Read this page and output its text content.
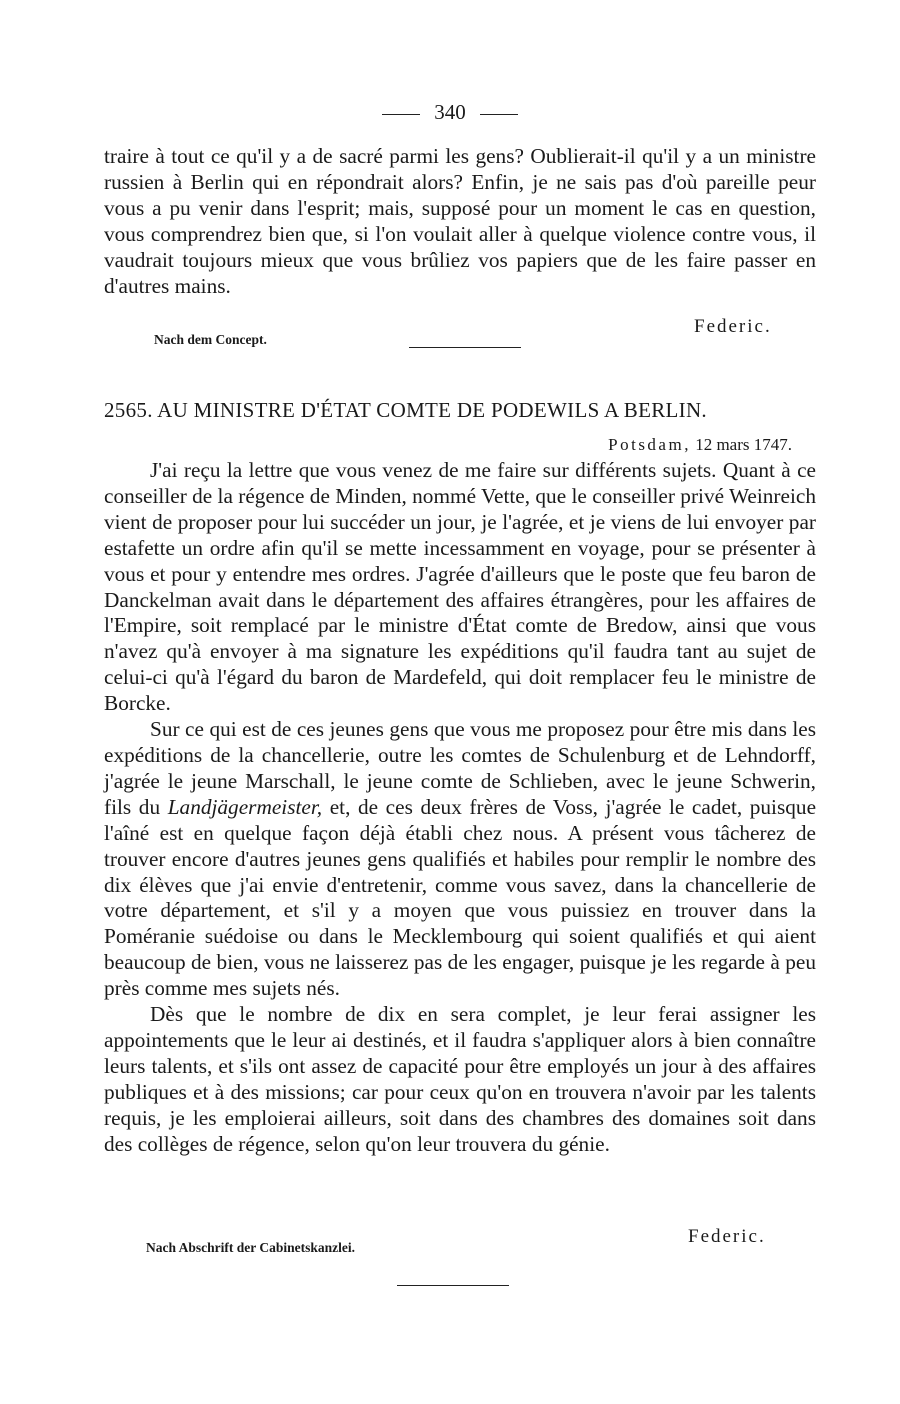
340

traire à tout ce qu'il y a de sacré parmi les gens? Oublierait-il qu'il y a un ministre russien à Berlin qui en répondrait alors? Enfin, je ne sais pas d'où pareille peur vous a pu venir dans l'esprit; mais, supposé pour un moment le cas en question, vous comprendrez bien que, si l'on voulait aller à quelque violence contre vous, il vaudrait toujours mieux que vous brûliez vos papiers que de les faire passer en d'autres mains.

Federic.
Nach dem Concept.
2565. AU MINISTRE D'ÉTAT COMTE DE PODEWILS A BERLIN.
Potsdam, 12 mars 1747.

J'ai reçu la lettre que vous venez de me faire sur différents sujets. Quant à ce conseiller de la régence de Minden, nommé Vette, que le conseiller privé Weinreich vient de proposer pour lui succéder un jour, je l'agrée, et je viens de lui envoyer par estafette un ordre afin qu'il se mette incessamment en voyage, pour se présenter à vous et pour y entendre mes ordres. J'agrée d'ailleurs que le poste que feu baron de Danckelman avait dans le département des affaires étrangères, pour les affaires de l'Empire, soit remplacé par le ministre d'État comte de Bredow, ainsi que vous n'avez qu'à envoyer à ma signature les expéditions qu'il faudra tant au sujet de celui-ci qu'à l'égard du baron de Mardefeld, qui doit remplacer feu le ministre de Borcke.

Sur ce qui est de ces jeunes gens que vous me proposez pour être mis dans les expéditions de la chancellerie, outre les comtes de Schulenburg et de Lehndorff, j'agrée le jeune Marschall, le jeune comte de Schlieben, avec le jeune Schwerin, fils du Landjägermeister, et, de ces deux frères de Voss, j'agrée le cadet, puisque l'aîné est en quelque façon déjà établi chez nous. A présent vous tâcherez de trouver encore d'autres jeunes gens qualifiés et habiles pour remplir le nombre des dix élèves que j'ai envie d'entretenir, comme vous savez, dans la chancellerie de votre département, et s'il y a moyen que vous puissiez en trouver dans la Poméranie suédoise ou dans le Mecklembourg qui soient qualifiés et qui aient beaucoup de bien, vous ne laisserez pas de les engager, puisque je les regarde à peu près comme mes sujets nés.

Dès que le nombre de dix en sera complet, je leur ferai assigner les appointements que le leur ai destinés, et il faudra s'appliquer alors à bien connaître leurs talents, et s'ils ont assez de capacité pour être employés un jour à des affaires publiques et à des missions; car pour ceux qu'on en trouvera n'avoir par les talents requis, je les emploierai ailleurs, soit dans des chambres des domaines soit dans des collèges de régence, selon qu'on leur trouvera du génie.

Federic.
Nach Abschrift der Cabinetskanzlei.
